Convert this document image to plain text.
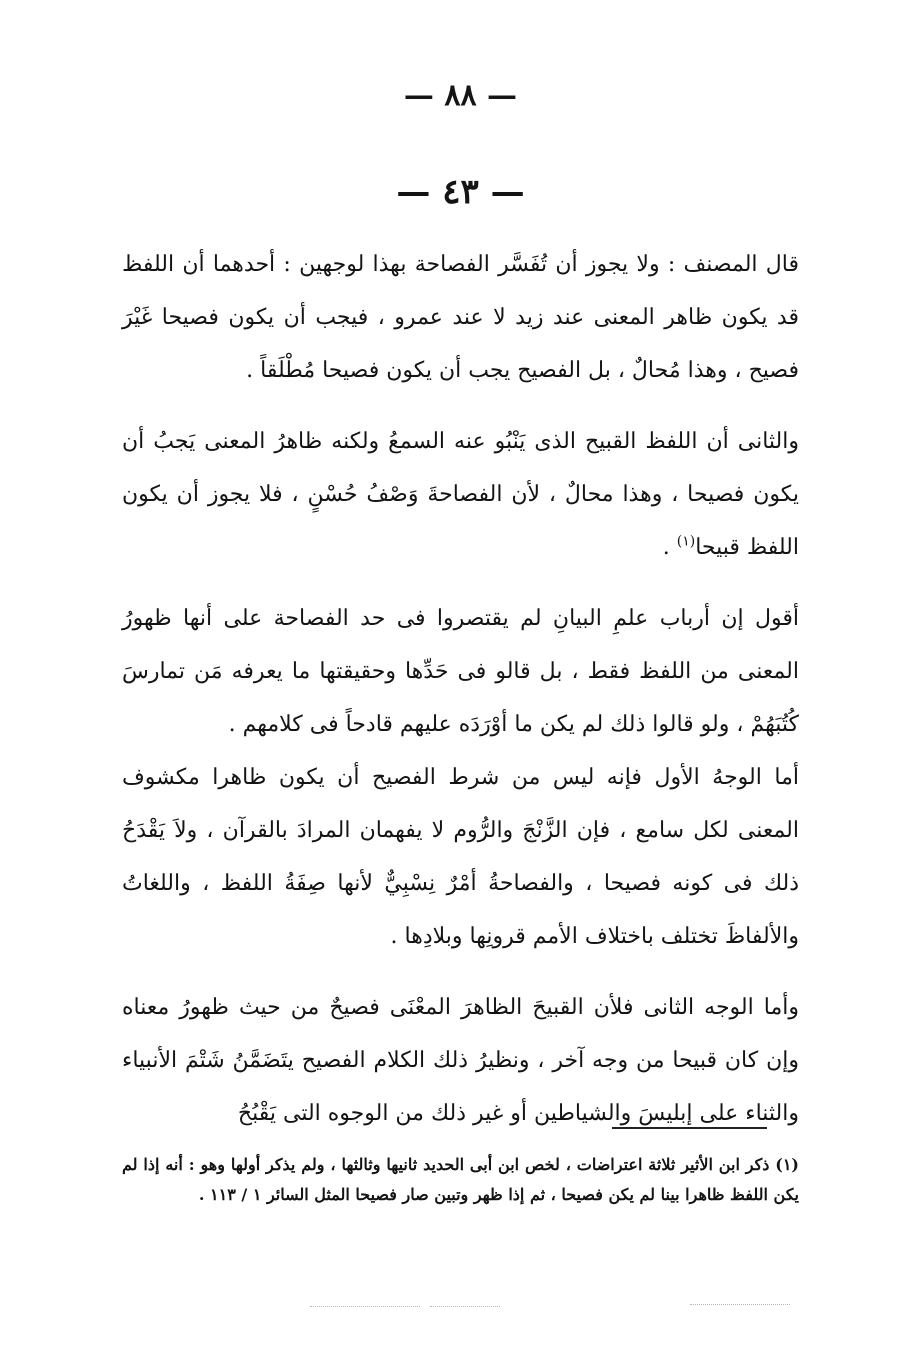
— ٨٨ —
— ٤٣ —

قال المصنف : ولا يجوز أن تُفَسَّر الفصاحة بهذا لوجهين : أحدهما أن اللفظ قد يكون ظاهر المعنى عند زيد لا عند عمرو ، فيجب أن يكون فصيحا غَيْرَ فصيح ، وهذا مُحالٌ ، بل الفصيح يجب أن يكون فصيحا مُطْلَقاً .

والثانى أن اللفظ القبيح الذى يَنْبُو عنه السمعُ ولكنه ظاهرُ المعنى يَجبُ أن يكون فصيحا ، وهذا محالٌ ، لأن الفصاحةَ وَصْفُ حُسْنٍ ، فلا يجوز أن يكون اللفظ قبيحا$^{(١)}$ .

أقول إن أرباب علمِ البيانِ لم يقتصروا فى حد الفصاحة على أنها ظهورُ المعنى من اللفظ فقط ، بل قالو فى حَدِّها وحقيقتها ما يعرفه مَن تمارسَ كُتُبَهُمْ ، ولو قالوا ذلك لم يكن ما أوْرَدَه عليهم قادحاً فى كلامهم .

أما الوجهُ الأول فإنه ليس من شرط الفصيح أن يكون ظاهرا مكشوف المعنى لكل سامع ، فإن الزَّنْجَ والرُّوم لا يفهمان المرادَ بالقرآن ، ولاَ يَقْدَحُ ذلك فى كونه فصيحا ، والفصاحةُ أمْرٌ نِسْبِيٌّ لأنها صِفَةُ اللفظ ، واللغاتُ والألفاظَ تختلف باختلاف الأمم قرونِها وبلادِها .

وأما الوجه الثانى فلأن القبيحَ الظاهرَ المعْنَى فصيحٌ من حيث ظهورُ معناه وإن كان قبيحا من وجه آخر ، ونظيرُ ذلك الكلام الفصيح يتَضَمَّنُ شَتْمَ الأنبياء والثناء على إبليسَ والشياطين أو غير ذلك من الوجوه التى يَقْبُحُ

(١) ذكر ابن الأثير ثلاثة اعتراضات ، لخص ابن أبى الحديد ثانيها وثالثها ، ولم يذكر أولها وهو : أنه إذا لم يكن اللفظ ظاهرا بينا لم يكن فصيحا ، ثم إذا ظهر وتبين صار فصيحا المثل السائر ١ / ١١٣ .
